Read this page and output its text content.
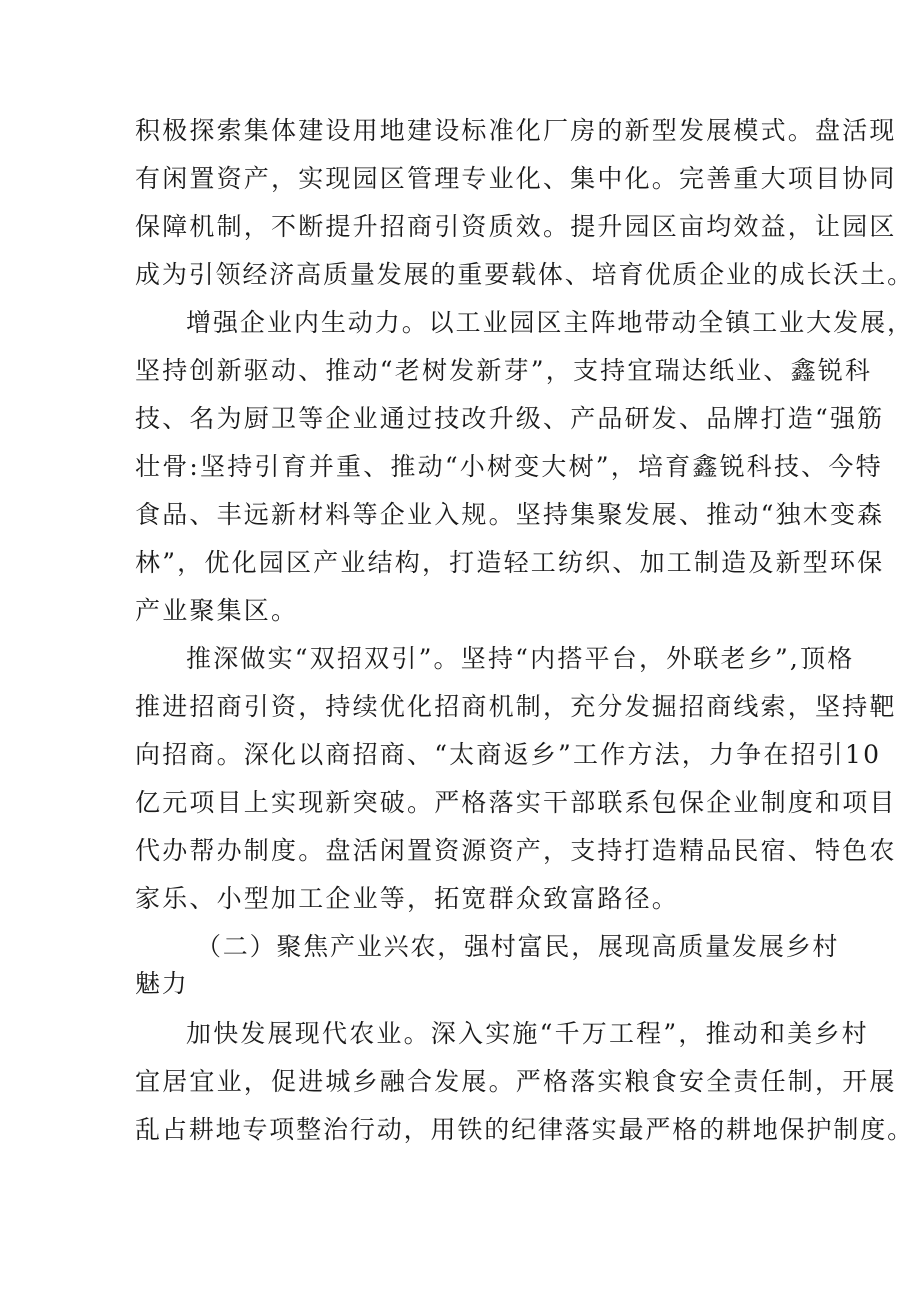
积极探索集体建设用地建设标准化厂房的新型发展模式。盘活现
有闲置资产，实现园区管理专业化、集中化。完善重大项目协同
保障机制，不断提升招商引资质效。提升园区亩均效益，让园区
成为引领经济高质量发展的重要载体、培育优质企业的成长沃土。
增强企业内生动力。以工业园区主阵地带动全镇工业大发展，
坚持创新驱动、推动“老树发新芽”，支持宜瑞达纸业、鑫锐科
技、名为厨卫等企业通过技改升级、产品研发、品牌打造“强筋
壮骨:坚持引育并重、推动“小树变大树”，培育鑫锐科技、今特
食品、丰远新材料等企业入规。坚持集聚发展、推动“独木变森
林”，优化园区产业结构，打造轻工纺织、加工制造及新型环保
产业聚集区。
推深做实“双招双引”。坚持“内搭平台，外联老乡”,顶格
推进招商引资，持续优化招商机制，充分发掘招商线索，坚持靶
向招商。深化以商招商、“太商返乡”工作方法，力争在招引10
亿元项目上实现新突破。严格落实干部联系包保企业制度和项目
代办帮办制度。盘活闲置资源资产，支持打造精品民宿、特色农
家乐、小型加工企业等，拓宽群众致富路径。
（二）聚焦产业兴农，强村富民，展现高质量发展乡村
魅力
加快发展现代农业。深入实施“千万工程”，推动和美乡村
宜居宜业，促进城乡融合发展。严格落实粮食安全责任制，开展
乱占耕地专项整治行动，用铁的纪律落实最严格的耕地保护制度。
